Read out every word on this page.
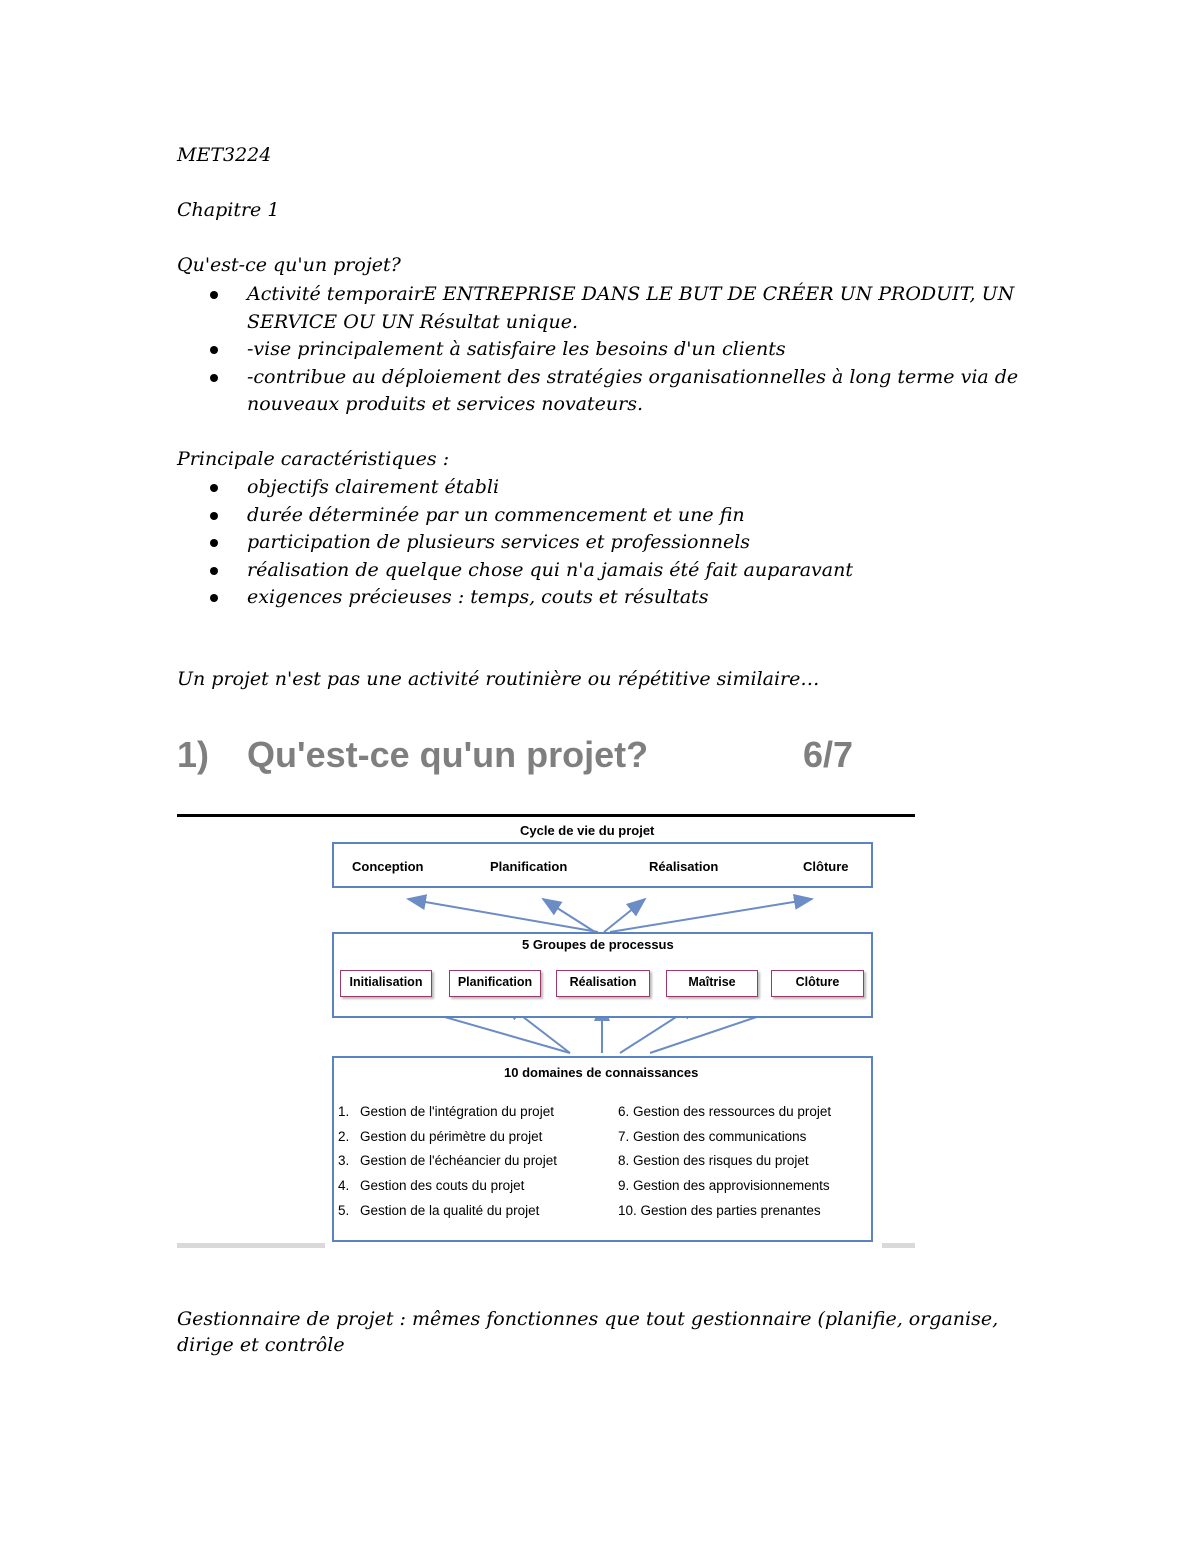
MET3224
Chapitre 1
Qu'est-ce qu'un projet?
Activité temporairE ENTREPRISE DANS LE BUT DE CRÉER UN PRODUIT, UN
SERVICE OU UN Résultat unique.
-vise principalement à satisfaire les besoins d'un clients
-contribue au déploiement des stratégies organisationnelles à long terme via de
nouveaux produits et services novateurs.
Principale caractéristiques :
objectifs clairement établi
durée déterminée par un commencement et une fin
participation de plusieurs services et professionnels
réalisation de quelque chose qui n'a jamais été fait auparavant
exigences précieuses : temps, couts et résultats
Un projet n'est pas une activité routinière ou répétitive similaire…
1) Qu'est-ce qu'un projet?	6/7
Cycle de vie du projet
Conception	Planification	Réalisation	Clôture
5 Groupes de processus
Initialisation	Planification	Réalisation	Maîtrise	Clôture
10 domaines de connaissances
1. Gestion de l'intégration du projet
2. Gestion du périmètre du projet
3. Gestion de l'échéancier du projet
4. Gestion des couts du projet
5. Gestion de la qualité du projet
6. Gestion des ressources du projet
7. Gestion des communications
8. Gestion des risques du projet
9. Gestion des approvisionnements
10. Gestion des parties prenantes
Gestionnaire de projet : mêmes fonctionnes que tout gestionnaire (planifie, organise,
dirige et contrôle
